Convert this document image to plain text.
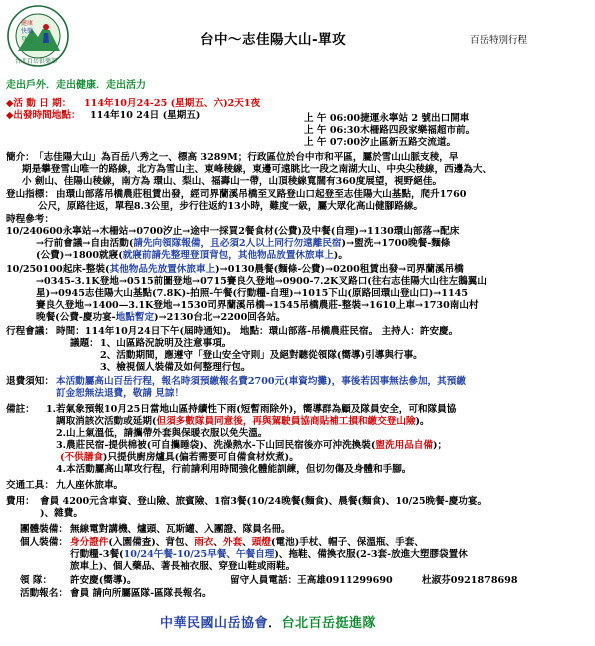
健康
快樂
登山
台北百岳俱樂部
台中～志佳陽大山-單攻	百岳特別行程
走出戶外．走出健康．走出活力
◆活 動 日 期： 114年10月24-25 (星期五、六)2天1夜
◆出發時間地點： 114年10 24日 (星期五)	上 午 06:00捷運永寧站 2 號出口開車
上 午 06:30木柵路四段家樂福超市前。
上 午 07:00汐止區新五路交流道。
簡介： 「志佳陽大山」為百岳八秀之一、標高 3289M；行政區位於台中市和平區，屬於雪山山脈支稜，早
期是攀登雪山唯一的路線，北方為雪山主、東峰稜線，東邊可遠眺比一段之南湖大山、中央尖稜線，西邊為大、
小 劍山、佳陽山稜線，南方為 環山、梨山、福壽山一帶，山頂稜線寬闊有360度展望，視野絕佳。
登山指標： 由環山部落吊橋農莊租賃出發，經司界蘭溪吊橋至叉路登山口起登至志佳陽大山基點，爬升1760
公尺，原路往返，單程8.3公里，步行往返約13小時，難度一級，屬大眾化高山健腳路線。
時程參考：
10/24 0600永寧站→木柵站→0700汐止→途中一採買2餐食材(公費)及中餐(自理)→1130環山部落→配床
→行前會議→自由活動(請先向領隊報備，且必須2人以上同行勿遠離民宿)→盥洗→1700晚餐-麵條
(公費)→1800就寢(就寢前請先整理登頂背包，其他物品放置休旅車上)。
10/25 0100起床-整裝(其他物品先放置休旅車上)→0130晨餐(麵條-公費)→0200租賃出發→司界蘭溪吊橋
→0345-3.1K登地→0515前圖登地→0715賽良久登地→0900-7.2K叉路口(往右志佳陽大山往左鵝翼山
星)→0945志佳陽大山基點(7.8K)-拍照-午餐(行動糧-自理)→1015下山(原路回環山登山口)→1145
賽良久登地→1400—3.1K登地→1530司界蘭溪吊橋→1545吊橋農莊-整裝→1610上車→1730南山村
晚餐(公費-慶功宴-地點暫定)→2130台北→2200回各站。
行程會議： 時間：114年10月24日下午(屆時通知)。 地點：環山部落-吊橋農莊民宿。 主持人：許安慶。
議題： 1、山區路況說明及注意事項。
2、活動期間，應遵守「登山安全守則」及絕對聽從領隊(嚮導)引導與行事。
3、檢視個人裝備及如何整理行包。
退費須知： 本活動屬高山百岳行程，報名時須預繳報名費2700元(車資均攤)，事後若因事無法參加，其預繳
訂金恕無法退費，敬請 見諒！
備註： 1.若氣象預報10月25日當地山區持續性下雨(短暫雨除外)，嚮導群為顧及隊員安全，可和隊員協
調取消該次活動或延期(但須多數隊員同意後，再與駕駛員協商貼補工損和繳交登山險)。
2.山上氣溫低，請攜帶外套與保暖衣服以免失溫。
3.農莊民宿-提供棉被(可自攜睡袋)、洗澡熱水-下山回民宿後亦可沖洗換裝(盥洗用品自備)；
(不供膳食)只提供廚房爐具(偏若需要可自備食材炊煮)。
4.本活動屬高山單攻行程，行前請利用時間強化體能訓練，但切勿傷及身體和手腳。
交通工具： 九人座休旅車。
費用： 會員 4200元含車資、登山險、旅賓險、1宿3餐(10/24晚餐(麵食)、晨餐(麵食)、10/25晚餐-慶功宴。
)、雜費。
團體裝備： 無線電對講機、爐頭、瓦斯罐、入團證、隊員名冊。
個人裝備： 身分證件(入園備查)、背包、雨衣、外套、頭燈(電池)手杖、帽子、保溫瓶、手套、
行動糧-3餐(10/24午餐-10/25早餐、午餐自理)、拖鞋、備換衣服(2-3套-放進大塑膠袋置休
旅車上)、個人藥品、著長袖衣服、穿登山鞋或雨鞋。
領 隊： 許安慶(嚮導)。	留守人員電話：王高雄0911299690	杜淑芬0921878698
活動報名： 會員 請向所屬區隊-區隊長報名。
中華民國山岳協會．台北百岳挺進隊
